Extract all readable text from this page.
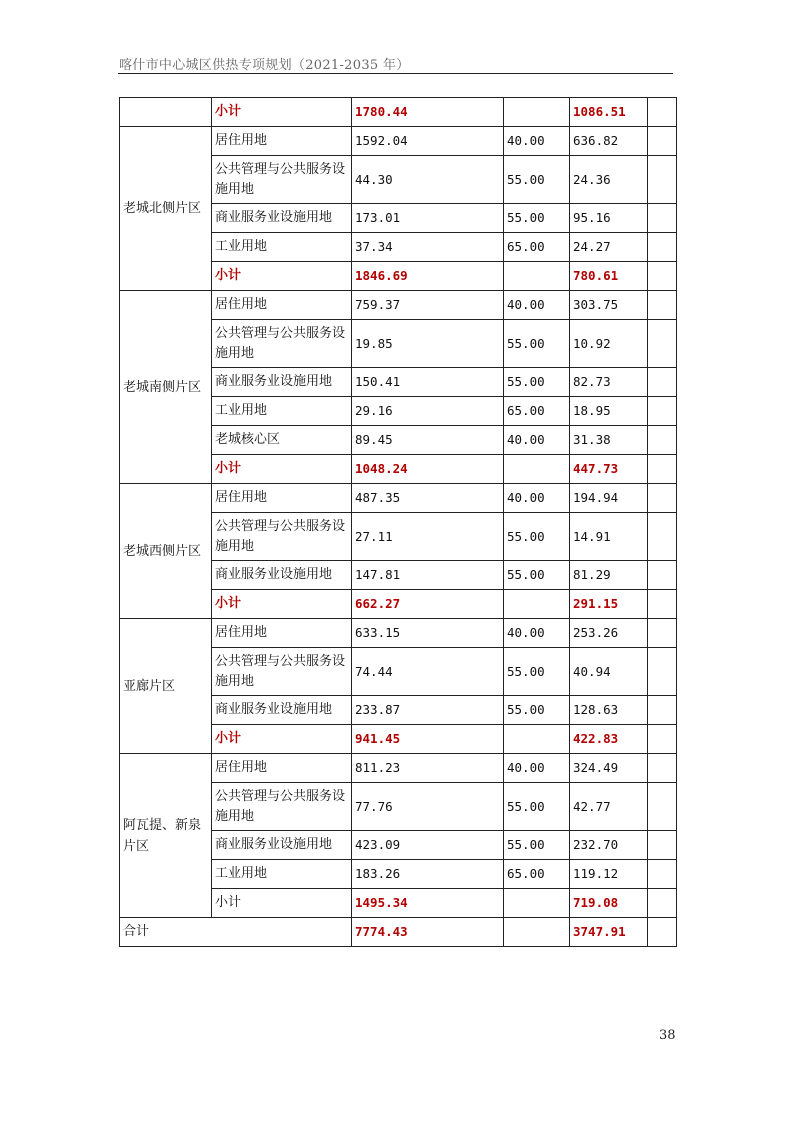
喀什市中心城区供热专项规划（2021-2035 年）
	小计	1780.44		1086.51	
老城北侧片区	居住用地	1592.04	40.00	636.82	
	公共管理与公共服务设施用地	44.30	55.00	24.36	
	商业服务业设施用地	173.01	55.00	95.16	
	工业用地	37.34	65.00	24.27	
	小计	1846.69		780.61	
老城南侧片区	居住用地	759.37	40.00	303.75	
	公共管理与公共服务设施用地	19.85	55.00	10.92	
	商业服务业设施用地	150.41	55.00	82.73	
	工业用地	29.16	65.00	18.95	
	老城核心区	89.45	40.00	31.38	
	小计	1048.24		447.73	
老城西侧片区	居住用地	487.35	40.00	194.94	
	公共管理与公共服务设施用地	27.11	55.00	14.91	
	商业服务业设施用地	147.81	55.00	81.29	
	小计	662.27		291.15	
亚廊片区	居住用地	633.15	40.00	253.26	
	公共管理与公共服务设施用地	74.44	55.00	40.94	
	商业服务业设施用地	233.87	55.00	128.63	
	小计	941.45		422.83	
阿瓦提、新泉片区	居住用地	811.23	40.00	324.49	
	公共管理与公共服务设施用地	77.76	55.00	42.77	
	商业服务业设施用地	423.09	55.00	232.70	
	工业用地	183.26	65.00	119.12	
	小计	1495.34		719.08	
合计		7774.43		3747.91	
38
